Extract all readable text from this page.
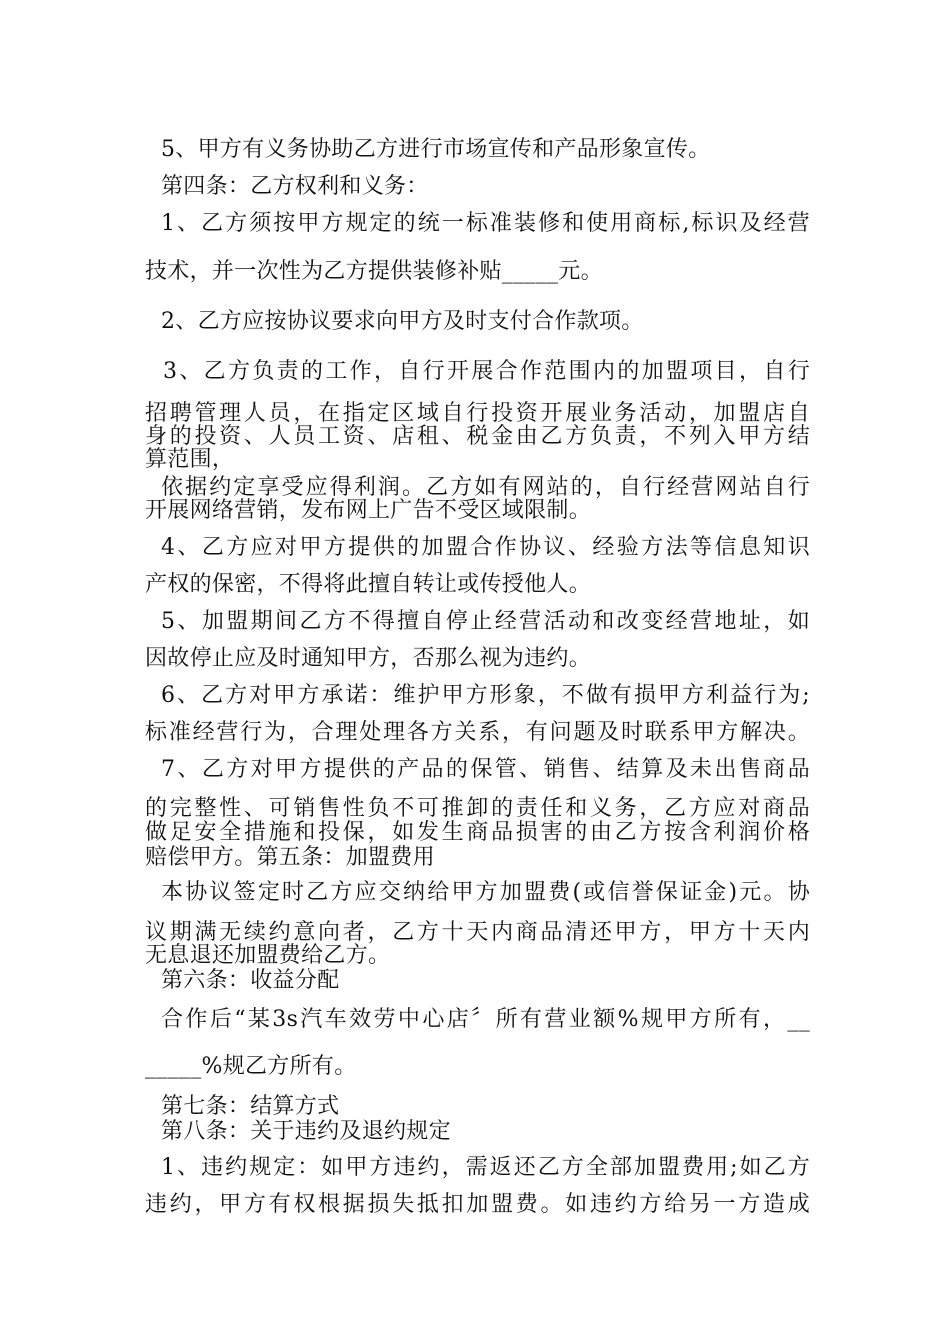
5、甲方有义务协助乙方进行市场宣传和产品形象宣传。
第四条：乙方权利和义务：
1、乙方须按甲方规定的统一标准装修和使用商标,标识及经营
技术，并一次性为乙方提供装修补贴_____元。
2、乙方应按协议要求向甲方及时支付合作款项。
3、乙方负责的工作，自行开展合作范围内的加盟项目，自行
招聘管理人员，在指定区域自行投资开展业务活动，加盟店自
身的投资、人员工资、店租、税金由乙方负责，不列入甲方结
算范围，
依据约定享受应得利润。乙方如有网站的，自行经营网站自行
开展网络营销，发布网上广告不受区域限制。
4、乙方应对甲方提供的加盟合作协议、经验方法等信息知识
产权的保密，不得将此擅自转让或传授他人。
5、加盟期间乙方不得擅自停止经营活动和改变经营地址，如
因故停止应及时通知甲方，否那么视为违约。
6、乙方对甲方承诺：维护甲方形象，不做有损甲方利益行为;
标准经营行为，合理处理各方关系，有问题及时联系甲方解决。
7、乙方对甲方提供的产品的保管、销售、结算及未出售商品
的完整性、可销售性负不可推卸的责任和义务，乙方应对商品
做足安全措施和投保，如发生商品损害的由乙方按含利润价格
赔偿甲方。第五条：加盟费用
本协议签定时乙方应交纳给甲方加盟费(或信誉保证金)元。协
议期满无续约意向者，乙方十天内商品清还甲方，甲方十天内
无息退还加盟费给乙方。
第六条：收益分配
合作后“某3s汽车效劳中心店〞所有营业额%规甲方所有，__
_____%规乙方所有。
第七条：结算方式
第八条：关于违约及退约规定
1、违约规定：如甲方违约，需返还乙方全部加盟费用;如乙方
违约，甲方有权根据损失抵扣加盟费。如违约方给另一方造成
